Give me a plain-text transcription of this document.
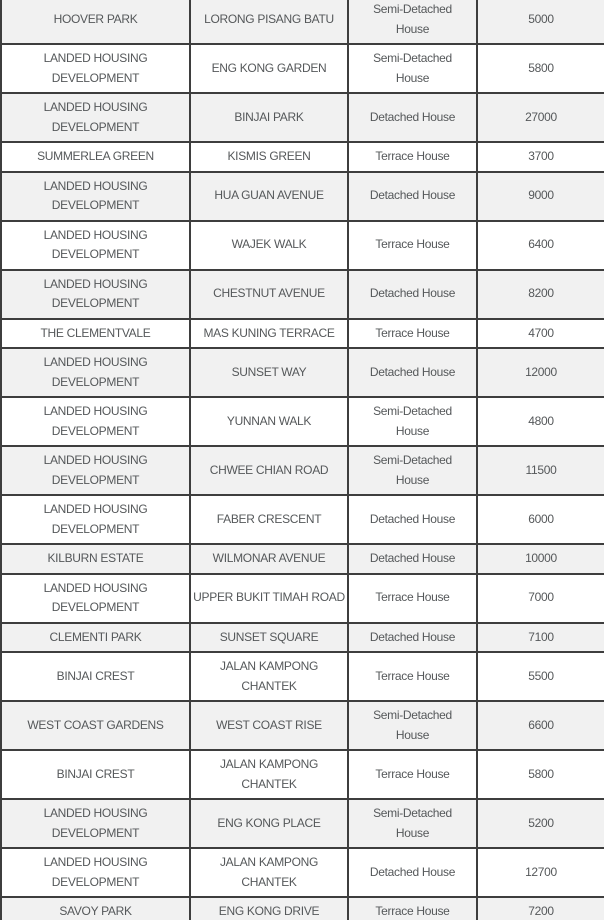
HOOVER PARK	LORONG PISANG BATU	Semi-Detached House	5000
LANDED HOUSING DEVELOPMENT	ENG KONG GARDEN	Semi-Detached House	5800
LANDED HOUSING DEVELOPMENT	BINJAI PARK	Detached House	27000
SUMMERLEA GREEN	KISMIS GREEN	Terrace House	3700
LANDED HOUSING DEVELOPMENT	HUA GUAN AVENUE	Detached House	9000
LANDED HOUSING DEVELOPMENT	WAJEK WALK	Terrace House	6400
LANDED HOUSING DEVELOPMENT	CHESTNUT AVENUE	Detached House	8200
THE CLEMENTVALE	MAS KUNING TERRACE	Terrace House	4700
LANDED HOUSING DEVELOPMENT	SUNSET WAY	Detached House	12000
LANDED HOUSING DEVELOPMENT	YUNNAN WALK	Semi-Detached House	4800
LANDED HOUSING DEVELOPMENT	CHWEE CHIAN ROAD	Semi-Detached House	11500
LANDED HOUSING DEVELOPMENT	FABER CRESCENT	Detached House	6000
KILBURN ESTATE	WILMONAR AVENUE	Detached House	10000
LANDED HOUSING DEVELOPMENT	UPPER BUKIT TIMAH ROAD	Terrace House	7000
CLEMENTI PARK	SUNSET SQUARE	Detached House	7100
BINJAI CREST	JALAN KAMPONG CHANTEK	Terrace House	5500
WEST COAST GARDENS	WEST COAST RISE	Semi-Detached House	6600
BINJAI CREST	JALAN KAMPONG CHANTEK	Terrace House	5800
LANDED HOUSING DEVELOPMENT	ENG KONG PLACE	Semi-Detached House	5200
LANDED HOUSING DEVELOPMENT	JALAN KAMPONG CHANTEK	Detached House	12700
SAVOY PARK	ENG KONG DRIVE	Terrace House	7200
